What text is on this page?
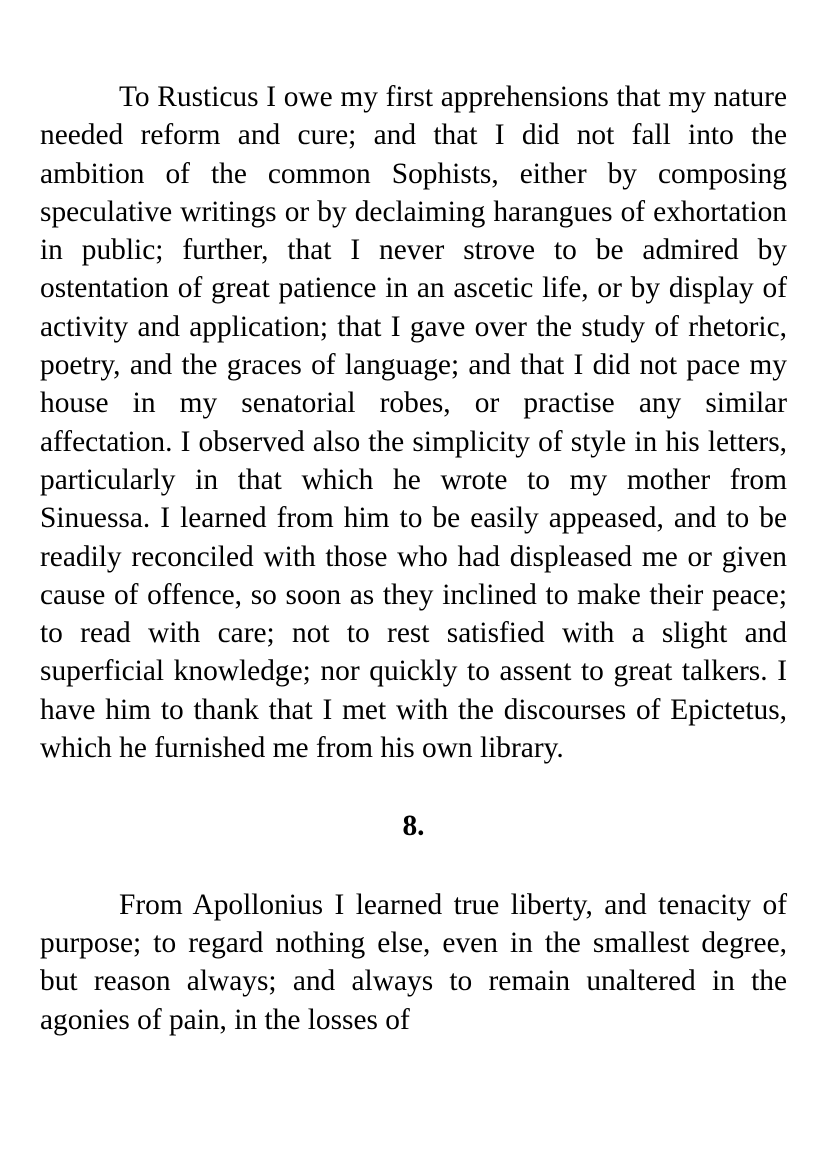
To Rusticus I owe my first apprehensions that my nature needed reform and cure; and that I did not fall into the ambition of the common Sophists, either by composing speculative writings or by declaiming harangues of exhortation in public; further, that I never strove to be admired by ostentation of great patience in an ascetic life, or by display of activity and application; that I gave over the study of rhetoric, poetry, and the graces of language; and that I did not pace my house in my senatorial robes, or practise any similar affectation. I observed also the simplicity of style in his letters, particularly in that which he wrote to my mother from Sinuessa. I learned from him to be easily appeased, and to be readily reconciled with those who had displeased me or given cause of offence, so soon as they inclined to make their peace; to read with care; not to rest satisfied with a slight and superficial knowledge; nor quickly to assent to great talkers. I have him to thank that I met with the discourses of Epictetus, which he furnished me from his own library.

8.

From Apollonius I learned true liberty, and tenacity of purpose; to regard nothing else, even in the smallest degree, but reason always; and always to remain unaltered in the agonies of pain, in the losses of
